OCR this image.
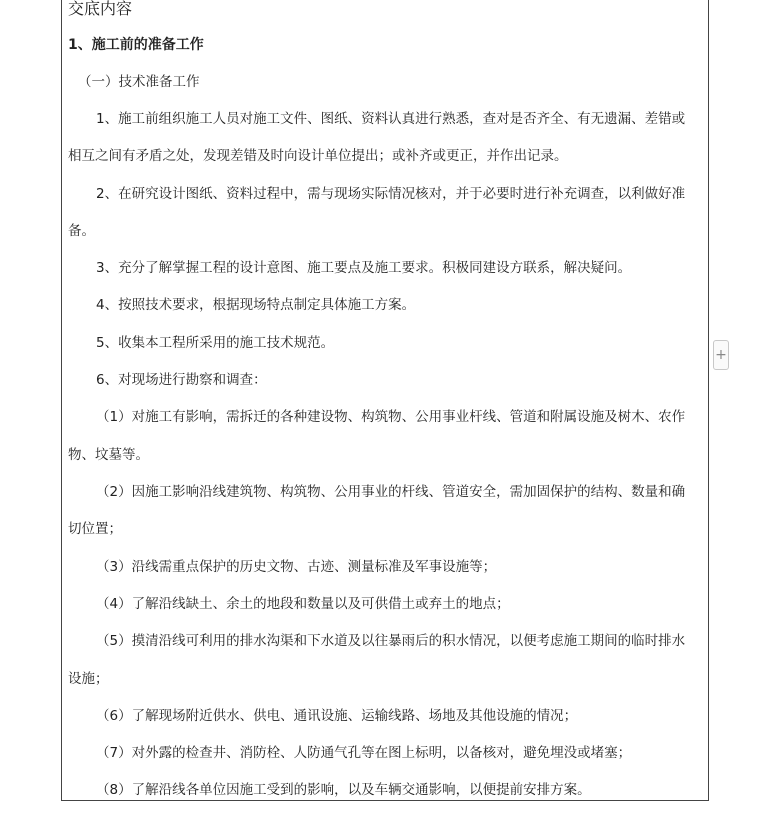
交底内容
1、施工前的准备工作
（一）技术准备工作
1、施工前组织施工人员对施工文件、图纸、资料认真进行熟悉，查对是否齐全、有无遗漏、差错或
相互之间有矛盾之处，发现差错及时向设计单位提出；或补齐或更正，并作出记录。
2、在研究设计图纸、资料过程中，需与现场实际情况核对，并于必要时进行补充调查，以利做好准
备。
3、充分了解掌握工程的设计意图、施工要点及施工要求。积极同建设方联系，解决疑问。
4、按照技术要求，根据现场特点制定具体施工方案。
5、收集本工程所采用的施工技术规范。
6、对现场进行勘察和调查：
（1）对施工有影响，需拆迁的各种建设物、构筑物、公用事业杆线、管道和附属设施及树木、农作
物、坟墓等。
（2）因施工影响沿线建筑物、构筑物、公用事业的杆线、管道安全，需加固保护的结构、数量和确
切位置；
（3）沿线需重点保护的历史文物、古迹、测量标准及军事设施等；
（4）了解沿线缺土、余土的地段和数量以及可供借土或弃土的地点；
（5）摸清沿线可利用的排水沟渠和下水道及以往暴雨后的积水情况，以便考虑施工期间的临时排水
设施；
（6）了解现场附近供水、供电、通讯设施、运输线路、场地及其他设施的情况；
（7）对外露的检查井、消防栓、人防通气孔等在图上标明，以备核对，避免埋没或堵塞；
（8）了解沿线各单位因施工受到的影响，以及车辆交通影响，以便提前安排方案。
+
